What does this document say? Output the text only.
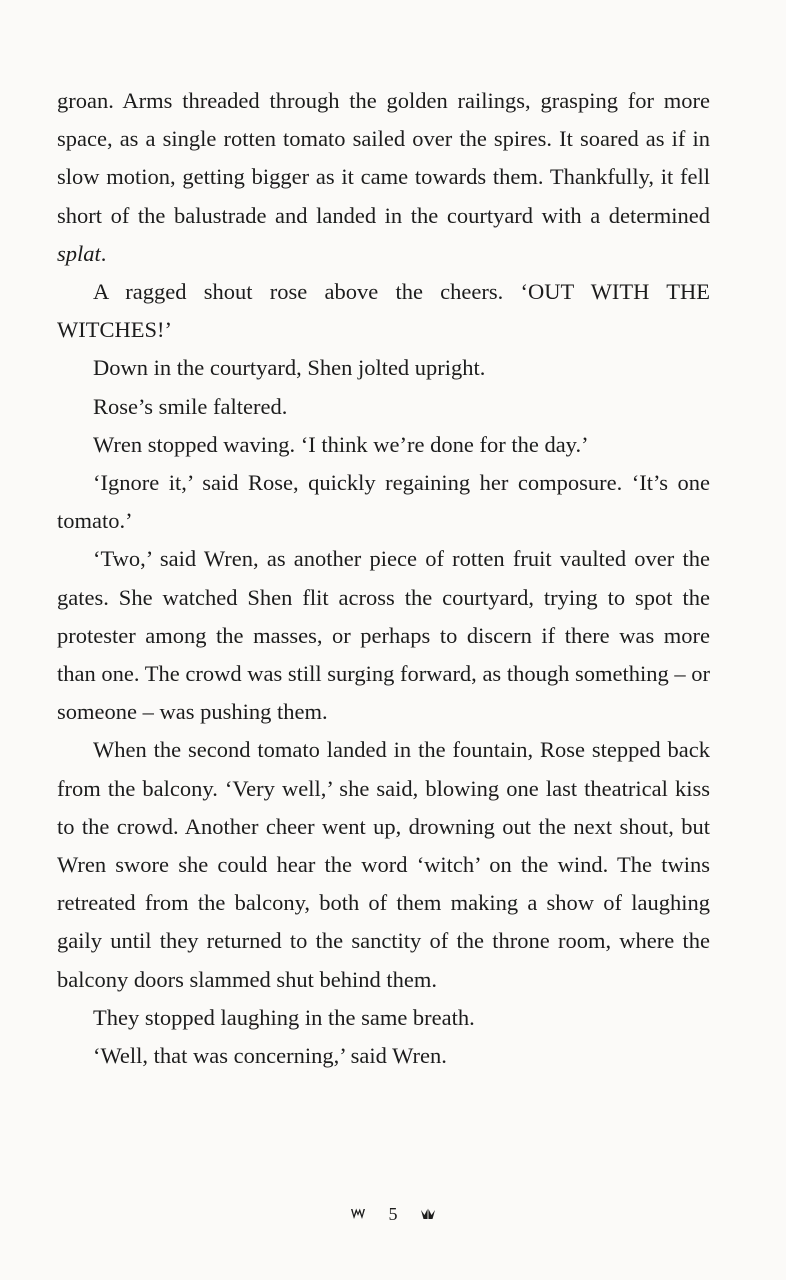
groan. Arms threaded through the golden railings, grasping for more space, as a single rotten tomato sailed over the spires. It soared as if in slow motion, getting bigger as it came towards them. Thankfully, it fell short of the balustrade and landed in the courtyard with a determined splat.

A ragged shout rose above the cheers. ‘OUT WITH THE WITCHES!’

Down in the courtyard, Shen jolted upright.

Rose’s smile faltered.

Wren stopped waving. ‘I think we’re done for the day.’

‘Ignore it,’ said Rose, quickly regaining her composure. ‘It’s one tomato.’

‘Two,’ said Wren, as another piece of rotten fruit vaulted over the gates. She watched Shen flit across the courtyard, trying to spot the protester among the masses, or perhaps to discern if there was more than one. The crowd was still surging forward, as though something – or someone – was pushing them.

When the second tomato landed in the fountain, Rose stepped back from the balcony. ‘Very well,’ she said, blowing one last theatrical kiss to the crowd. Another cheer went up, drowning out the next shout, but Wren swore she could hear the word ‘witch’ on the wind. The twins retreated from the balcony, both of them making a show of laughing gaily until they returned to the sanctity of the throne room, where the balcony doors slammed shut behind them.

They stopped laughing in the same breath.

‘Well, that was concerning,’ said Wren.

5
